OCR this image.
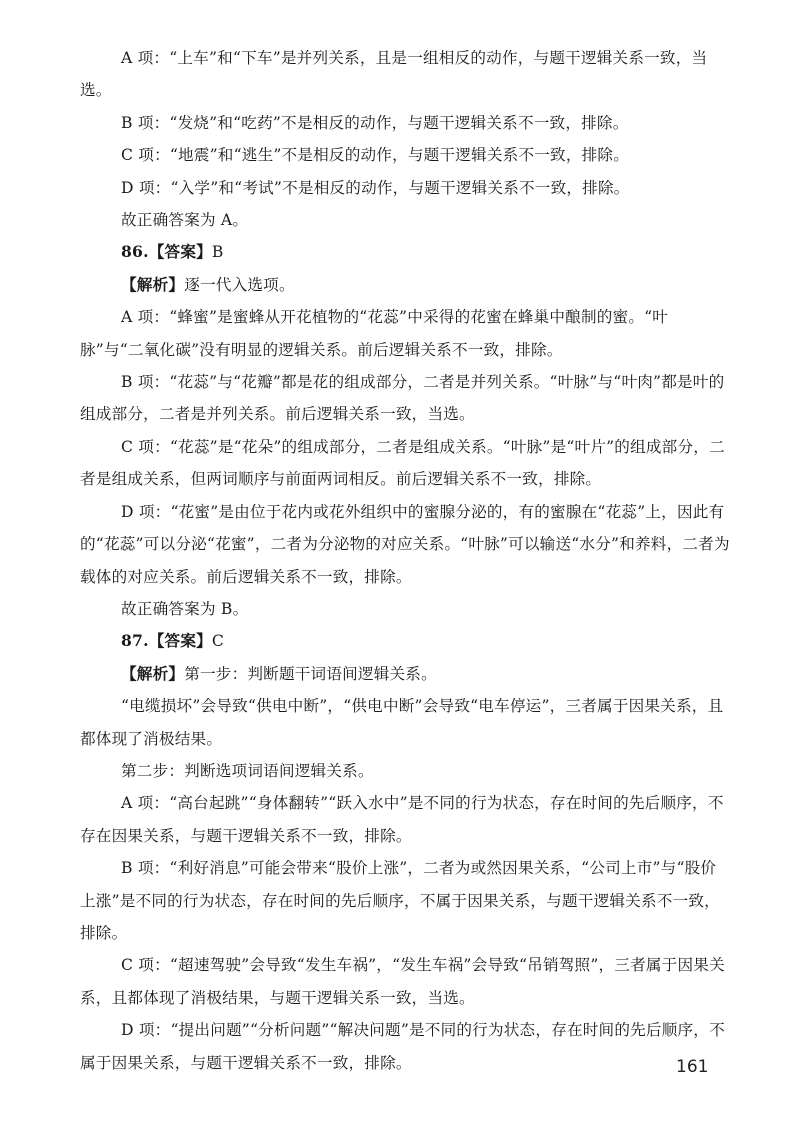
A 项：“上车”和“下车”是并列关系，且是一组相反的动作，与题干逻辑关系一致，当选。

B 项：“发烧”和“吃药”不是相反的动作，与题干逻辑关系不一致，排除。

C 项：“地震”和“逃生”不是相反的动作，与题干逻辑关系不一致，排除。

D 项：“入学”和“考试”不是相反的动作，与题干逻辑关系不一致，排除。

故正确答案为 A。

86.【答案】B

【解析】逐一代入选项。

A 项：“蜂蜜”是蜜蜂从开花植物的“花蕊”中采得的花蜜在蜂巢中酿制的蜜。“叶脉”与“二氧化碳”没有明显的逻辑关系。前后逻辑关系不一致，排除。

B 项：“花蕊”与“花瓣”都是花的组成部分，二者是并列关系。“叶脉”与“叶肉”都是叶的组成部分，二者是并列关系。前后逻辑关系一致，当选。

C 项：“花蕊”是“花朵”的组成部分，二者是组成关系。“叶脉”是“叶片”的组成部分，二者是组成关系，但两词顺序与前面两词相反。前后逻辑关系不一致，排除。

D 项：“花蜜”是由位于花内或花外组织中的蜜腺分泌的，有的蜜腺在“花蕊”上，因此有的“花蕊”可以分泌“花蜜”，二者为分泌物的对应关系。“叶脉”可以输送“水分”和养料，二者为载体的对应关系。前后逻辑关系不一致，排除。

故正确答案为 B。

87.【答案】C

【解析】第一步：判断题干词语间逻辑关系。

“电缆损坏”会导致“供电中断”，“供电中断”会导致“电车停运”，三者属于因果关系，且都体现了消极结果。

第二步：判断选项词语间逻辑关系。

A 项：“高台起跳”“身体翻转”“跃入水中”是不同的行为状态，存在时间的先后顺序，不存在因果关系，与题干逻辑关系不一致，排除。

B 项：“利好消息”可能会带来“股价上涨”，二者为或然因果关系，“公司上市”与“股价上涨”是不同的行为状态，存在时间的先后顺序，不属于因果关系，与题干逻辑关系不一致，排除。

C 项：“超速驾驶”会导致“发生车祸”，“发生车祸”会导致“吊销驾照”，三者属于因果关系，且都体现了消极结果，与题干逻辑关系一致，当选。

D 项：“提出问题”“分析问题”“解决问题”是不同的行为状态，存在时间的先后顺序，不属于因果关系，与题干逻辑关系不一致，排除。	161
